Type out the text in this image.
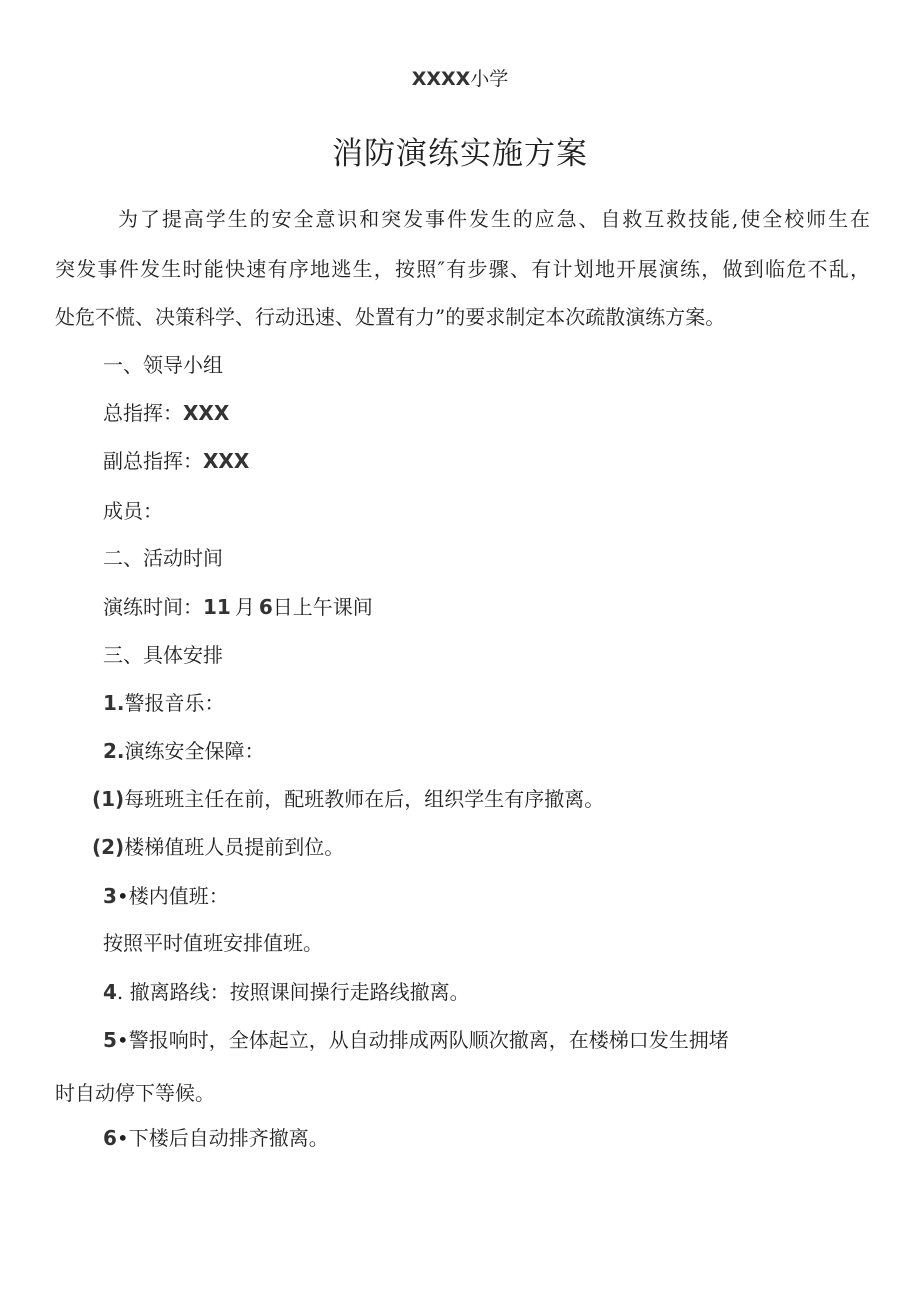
XXXX小学
消防演练实施方案
为了提高学生的安全意识和突发事件发生的应急、自救互救技能,使全校师生在
突发事件发生时能快速有序地逃生，按照″有步骤、有计划地开展演练，做到临危不乱，
处危不慌、决策科学、行动迅速、处置有力”的要求制定本次疏散演练方案。
一、领导小组
总指挥：XXX
副总指挥：XXX
成员：
二、活动时间
演练时间：11 月 6日上午课间
三、具体安排
1.警报音乐：
2.演练安全保障：
(1)每班班主任在前，配班教师在后，组织学生有序撤离。
(2)楼梯值班人员提前到位。
3•楼内值班：
按照平时值班安排值班。
4. 撤离路线：按照课间操行走路线撤离。
5•警报响时，全体起立，从自动排成两队顺次撤离，在楼梯口发生拥堵
时自动停下等候。
6•下楼后自动排齐撤离。
